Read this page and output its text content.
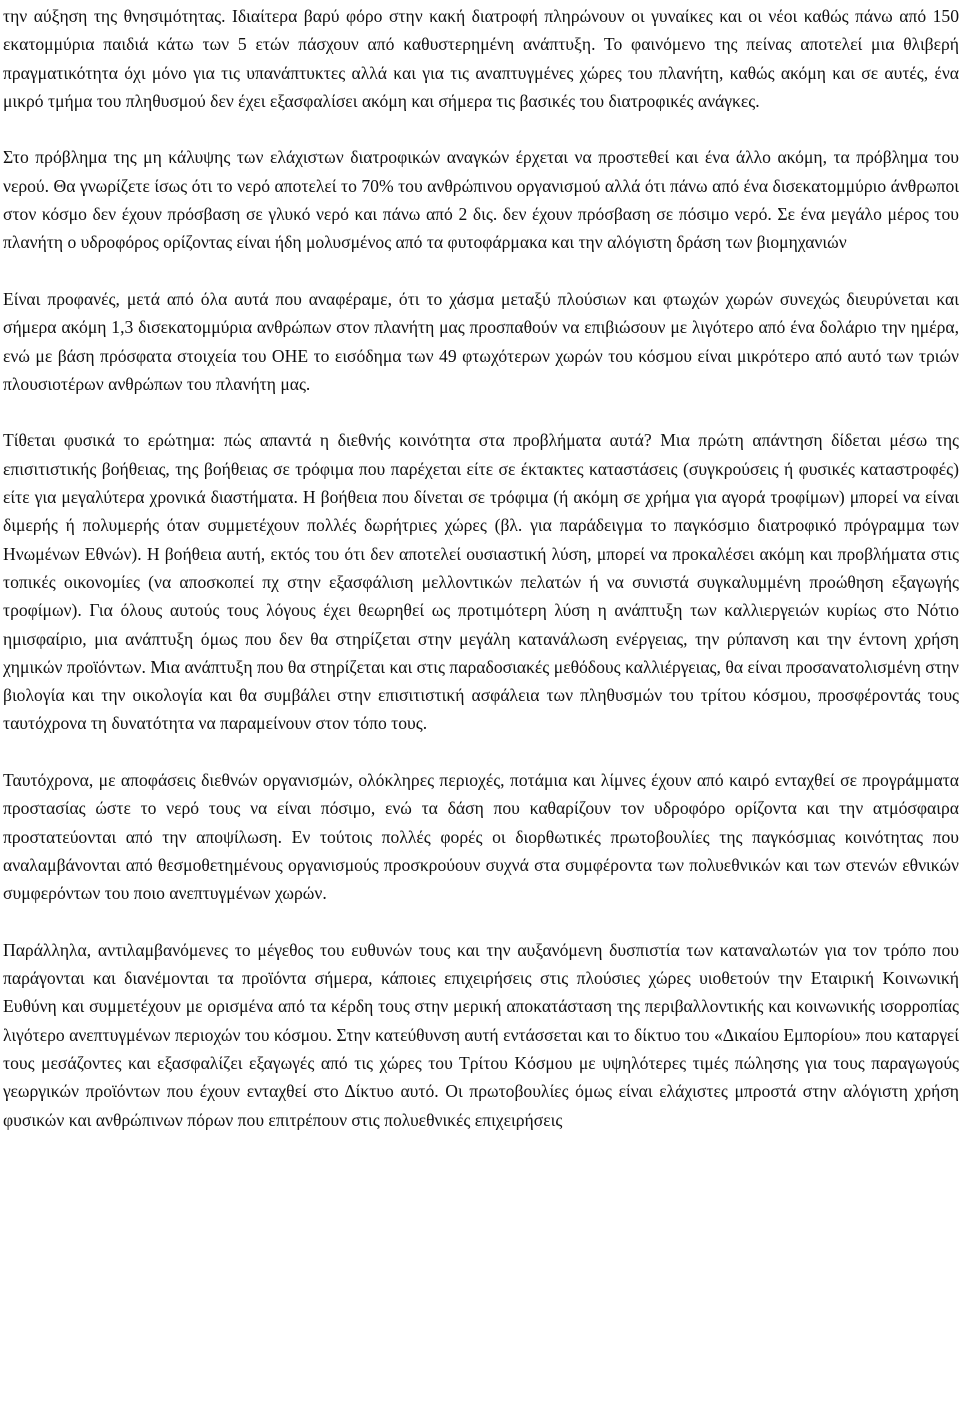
την αύξηση της θνησιμότητας. Ιδιαίτερα βαρύ φόρο στην κακή διατροφή πληρώνουν οι γυναίκες και οι νέοι καθώς πάνω από 150 εκατομμύρια παιδιά κάτω των 5 ετών πάσχουν από καθυστερημένη ανάπτυξη. Το φαινόμενο της πείνας αποτελεί μια θλιβερή πραγματικότητα όχι μόνο για τις υπανάπτυκτες αλλά και για τις αναπτυγμένες χώρες του πλανήτη, καθώς ακόμη και σε αυτές, ένα μικρό τμήμα του πληθυσμού δεν έχει εξασφαλίσει ακόμη και σήμερα τις βασικές του διατροφικές ανάγκες.

Στο πρόβλημα της μη κάλυψης των ελάχιστων διατροφικών αναγκών έρχεται να προστεθεί και ένα άλλο ακόμη, τα πρόβλημα του νερού. Θα γνωρίζετε ίσως ότι το νερό αποτελεί το 70% του ανθρώπινου οργανισμού αλλά ότι πάνω από ένα δισεκατομμύριο άνθρωποι στον κόσμο δεν έχουν πρόσβαση σε γλυκό νερό και πάνω από 2 δις. δεν έχουν πρόσβαση σε πόσιμο νερό. Σε ένα μεγάλο μέρος του πλανήτη ο υδροφόρος ορίζοντας είναι ήδη μολυσμένος από τα φυτοφάρμακα και την αλόγιστη δράση των βιομηχανιών

Είναι προφανές, μετά από όλα αυτά που αναφέραμε, ότι το χάσμα μεταξύ πλούσιων και φτωχών χωρών συνεχώς διευρύνεται και σήμερα ακόμη 1,3 δισεκατομμύρια ανθρώπων στον πλανήτη μας προσπαθούν να επιβιώσουν με λιγότερο από ένα δολάριο την ημέρα, ενώ με βάση πρόσφατα στοιχεία του ΟΗΕ το εισόδημα των 49 φτωχότερων χωρών του κόσμου είναι μικρότερο από αυτό των τριών πλουσιοτέρων ανθρώπων του πλανήτη μας.

Τίθεται φυσικά το ερώτημα: πώς απαντά η διεθνής κοινότητα στα προβλήματα αυτά? Μια πρώτη απάντηση δίδεται μέσω της επισιτιστικής βοήθειας, της βοήθειας σε τρόφιμα που παρέχεται είτε σε έκτακτες καταστάσεις (συγκρούσεις ή φυσικές καταστροφές) είτε για μεγαλύτερα χρονικά διαστήματα. Η βοήθεια που δίνεται σε τρόφιμα (ή ακόμη σε χρήμα για αγορά τροφίμων) μπορεί να είναι διμερής ή πολυμερής όταν συμμετέχουν πολλές δωρήτριες χώρες (βλ. για παράδειγμα το παγκόσμιο διατροφικό πρόγραμμα των Ηνωμένων Εθνών). Η βοήθεια αυτή, εκτός του ότι δεν αποτελεί ουσιαστική λύση, μπορεί να προκαλέσει ακόμη και προβλήματα στις τοπικές οικονομίες (να αποσκοπεί πχ στην εξασφάλιση μελλοντικών πελατών ή να συνιστά συγκαλυμμένη προώθηση εξαγωγής τροφίμων). Για όλους αυτούς τους λόγους έχει θεωρηθεί ως προτιμότερη λύση η ανάπτυξη των καλλιεργειών κυρίως στο Νότιο ημισφαίριο, μια ανάπτυξη όμως που δεν θα στηρίζεται στην μεγάλη κατανάλωση ενέργειας, την ρύπανση και την έντονη χρήση χημικών προϊόντων. Μια ανάπτυξη που θα στηρίζεται και στις παραδοσιακές μεθόδους καλλιέργειας, θα είναι προσανατολισμένη στην βιολογία και την οικολογία και θα συμβάλει στην επισιτιστική ασφάλεια των πληθυσμών του τρίτου κόσμου, προσφέροντάς τους ταυτόχρονα τη δυνατότητα να παραμείνουν στον τόπο τους.

Ταυτόχρονα, με αποφάσεις διεθνών οργανισμών, ολόκληρες περιοχές, ποτάμια και λίμνες έχουν από καιρό ενταχθεί σε προγράμματα προστασίας ώστε το νερό τους να είναι πόσιμο, ενώ τα δάση που καθαρίζουν τον υδροφόρο ορίζοντα και την ατμόσφαιρα προστατεύονται από την αποψίλωση. Εν τούτοις πολλές φορές οι διορθωτικές πρωτοβουλίες της παγκόσμιας κοινότητας που αναλαμβάνονται από θεσμοθετημένους οργανισμούς προσκρούουν συχνά στα συμφέροντα των πολυεθνικών και των στενών εθνικών συμφερόντων του ποιο ανεπτυγμένων χωρών.

Παράλληλα, αντιλαμβανόμενες το μέγεθος του ευθυνών τους και την αυξανόμενη δυσπιστία των καταναλωτών για τον τρόπο που παράγονται και διανέμονται τα προϊόντα σήμερα, κάποιες επιχειρήσεις στις πλούσιες χώρες υιοθετούν την Εταιρική Κοινωνική Ευθύνη και συμμετέχουν με ορισμένα από τα κέρδη τους στην μερική αποκατάσταση της περιβαλλοντικής και κοινωνικής ισορροπίας λιγότερο ανεπτυγμένων περιοχών του κόσμου. Στην κατεύθυνση αυτή εντάσσεται και το δίκτυο του «Δικαίου Εμπορίου» που καταργεί τους μεσάζοντες και εξασφαλίζει εξαγωγές από τις χώρες του Τρίτου Κόσμου με υψηλότερες τιμές πώλησης για τους παραγωγούς γεωργικών προϊόντων που έχουν ενταχθεί στο Δίκτυο αυτό. Οι πρωτοβουλίες όμως είναι ελάχιστες μπροστά στην αλόγιστη χρήση φυσικών και ανθρώπινων πόρων που επιτρέπουν στις πολυεθνικές επιχειρήσεις
